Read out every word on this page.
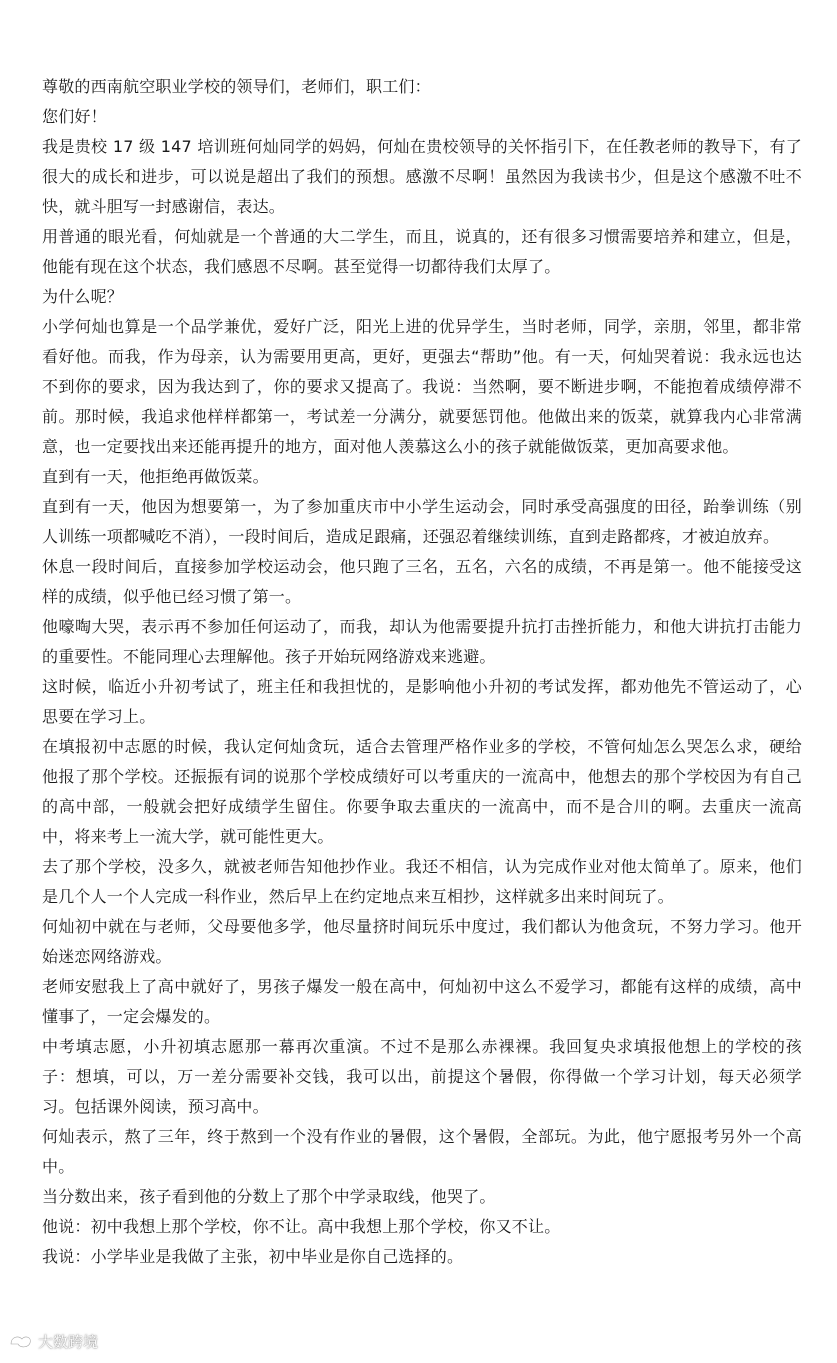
尊敬的西南航空职业学校的领导们，老师们，职工们：

您们好！

我是贵校 17 级 147 培训班何灿同学的妈妈，何灿在贵校领导的关怀指引下，在任教老师的教导下，有了很大的成长和进步，可以说是超出了我们的预想。感激不尽啊！虽然因为我读书少，但是这个感激不吐不快，就斗胆写一封感谢信，表达。

用普通的眼光看，何灿就是一个普通的大二学生，而且，说真的，还有很多习惯需要培养和建立，但是，他能有现在这个状态，我们感恩不尽啊。甚至觉得一切都待我们太厚了。

为什么呢？

小学何灿也算是一个品学兼优，爱好广泛，阳光上进的优异学生，当时老师，同学，亲朋，邻里，都非常看好他。而我，作为母亲，认为需要用更高，更好，更强去“帮助”他。有一天，何灿哭着说：我永远也达不到你的要求，因为我达到了，你的要求又提高了。我说：当然啊，要不断进步啊，不能抱着成绩停滞不前。那时候，我追求他样样都第一，考试差一分满分，就要惩罚他。他做出来的饭菜，就算我内心非常满意，也一定要找出来还能再提升的地方，面对他人羡慕这么小的孩子就能做饭菜，更加高要求他。

直到有一天，他拒绝再做饭菜。

直到有一天，他因为想要第一，为了参加重庆市中小学生运动会，同时承受高强度的田径，跆拳训练（别人训练一项都喊吃不消），一段时间后，造成足跟痛，还强忍着继续训练，直到走路都疼，才被迫放弃。

休息一段时间后，直接参加学校运动会，他只跑了三名，五名，六名的成绩，不再是第一。他不能接受这样的成绩，似乎他已经习惯了第一。

他嚎啕大哭，表示再不参加任何运动了，而我，却认为他需要提升抗打击挫折能力，和他大讲抗打击能力的重要性。不能同理心去理解他。孩子开始玩网络游戏来逃避。

这时候，临近小升初考试了，班主任和我担忧的，是影响他小升初的考试发挥，都劝他先不管运动了，心思要在学习上。

在填报初中志愿的时候，我认定何灿贪玩，适合去管理严格作业多的学校，不管何灿怎么哭怎么求，硬给他报了那个学校。还振振有词的说那个学校成绩好可以考重庆的一流高中，他想去的那个学校因为有自己的高中部，一般就会把好成绩学生留住。你要争取去重庆的一流高中，而不是合川的啊。去重庆一流高中，将来考上一流大学，就可能性更大。

去了那个学校，没多久，就被老师告知他抄作业。我还不相信，认为完成作业对他太简单了。原来，他们是几个人一个人完成一科作业，然后早上在约定地点来互相抄，这样就多出来时间玩了。

何灿初中就在与老师，父母要他多学，他尽量挤时间玩乐中度过，我们都认为他贪玩，不努力学习。他开始迷恋网络游戏。

老师安慰我上了高中就好了，男孩子爆发一般在高中，何灿初中这么不爱学习，都能有这样的成绩，高中懂事了，一定会爆发的。

中考填志愿，小升初填志愿那一幕再次重演。不过不是那么赤裸裸。我回复央求填报他想上的学校的孩子：想填，可以，万一差分需要补交钱，我可以出，前提这个暑假，你得做一个学习计划，每天必须学习。包括课外阅读，预习高中。

何灿表示，熬了三年，终于熬到一个没有作业的暑假，这个暑假，全部玩。为此，他宁愿报考另外一个高中。

当分数出来，孩子看到他的分数上了那个中学录取线，他哭了。

他说：初中我想上那个学校，你不让。高中我想上那个学校，你又不让。

我说：小学毕业是我做了主张，初中毕业是你自己选择的。

大数跨境
